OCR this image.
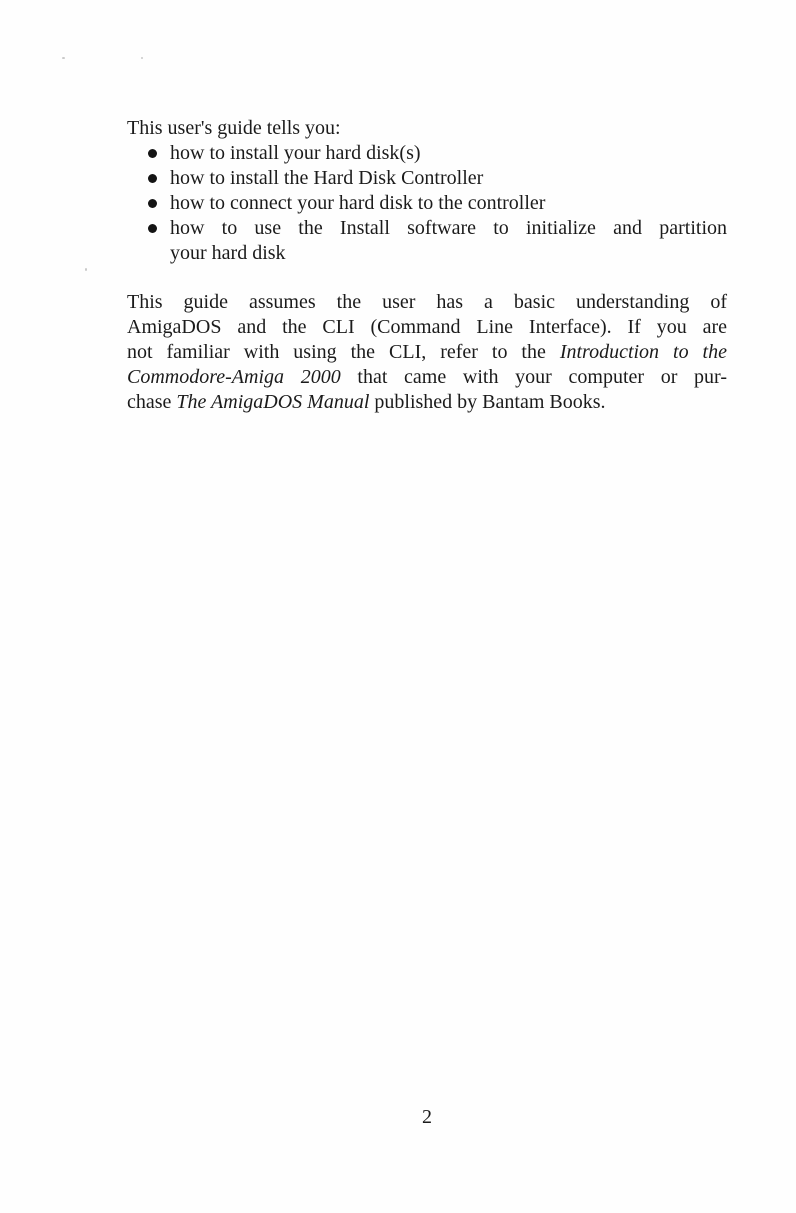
This user's guide tells you:

how to install your hard disk(s)
how to install the Hard Disk Controller
how to connect your hard disk to the controller
how to use the Install software to initialize and partition
your hard disk
This guide assumes the user has a basic understanding of
AmigaDOS and the CLI (Command Line Interface). If you are
not familiar with using the CLI, refer to the Introduction to the
Commodore-Amiga 2000 that came with your computer or pur-
chase The AmigaDOS Manual published by Bantam Books.
2
